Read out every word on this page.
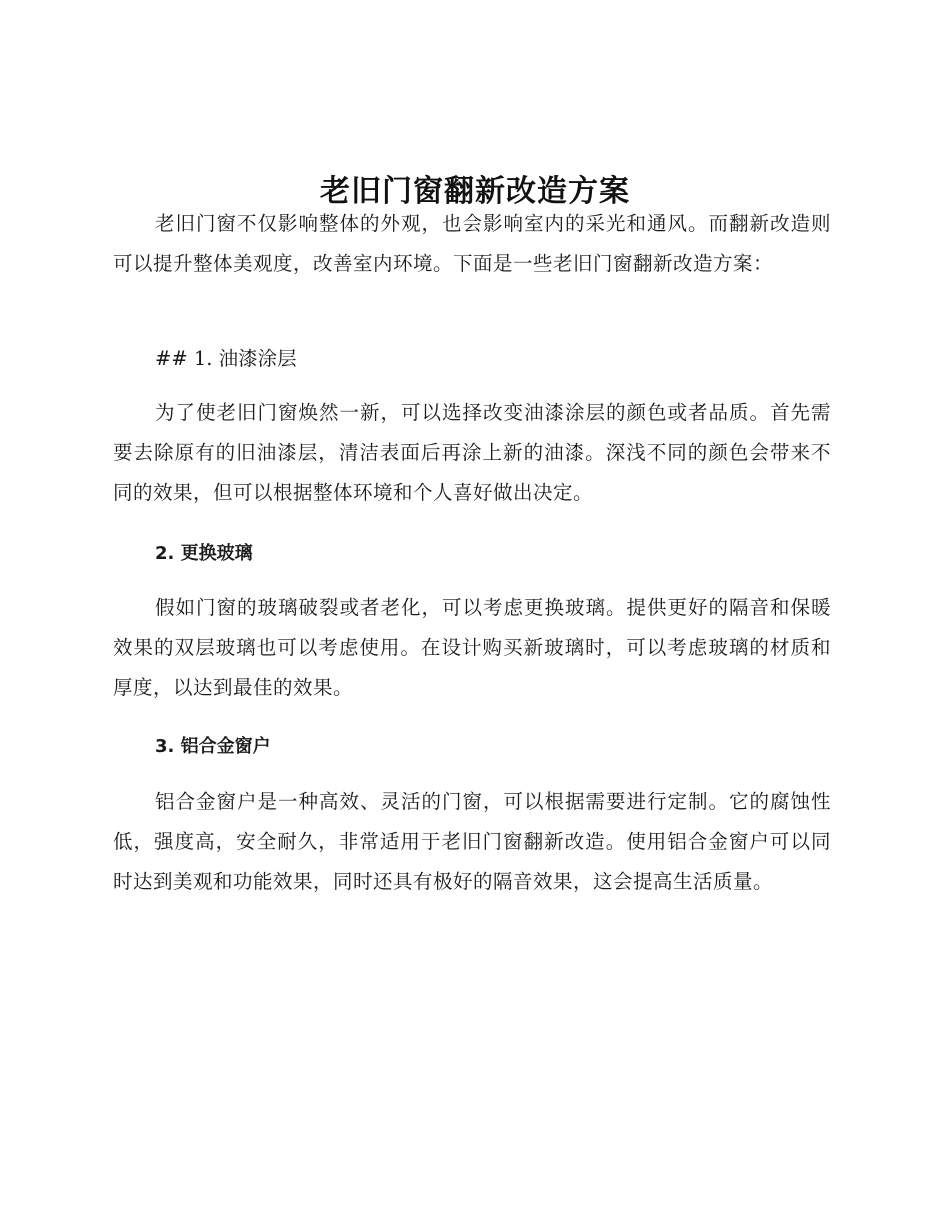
老旧门窗翻新改造方案

老旧门窗不仅影响整体的外观，也会影响室内的采光和通风。而翻新改造则可以提升整体美观度，改善室内环境。下面是一些老旧门窗翻新改造方案：

## 1. 油漆涂层

为了使老旧门窗焕然一新，可以选择改变油漆涂层的颜色或者品质。首先需要去除原有的旧油漆层，清洁表面后再涂上新的油漆。深浅不同的颜色会带来不同的效果，但可以根据整体环境和个人喜好做出决定。

2. 更换玻璃

假如门窗的玻璃破裂或者老化，可以考虑更换玻璃。提供更好的隔音和保暖效果的双层玻璃也可以考虑使用。在设计购买新玻璃时，可以考虑玻璃的材质和厚度，以达到最佳的效果。

3. 铝合金窗户

铝合金窗户是一种高效、灵活的门窗，可以根据需要进行定制。它的腐蚀性低，强度高，安全耐久，非常适用于老旧门窗翻新改造。使用铝合金窗户可以同时达到美观和功能效果，同时还具有极好的隔音效果，这会提高生活质量。
